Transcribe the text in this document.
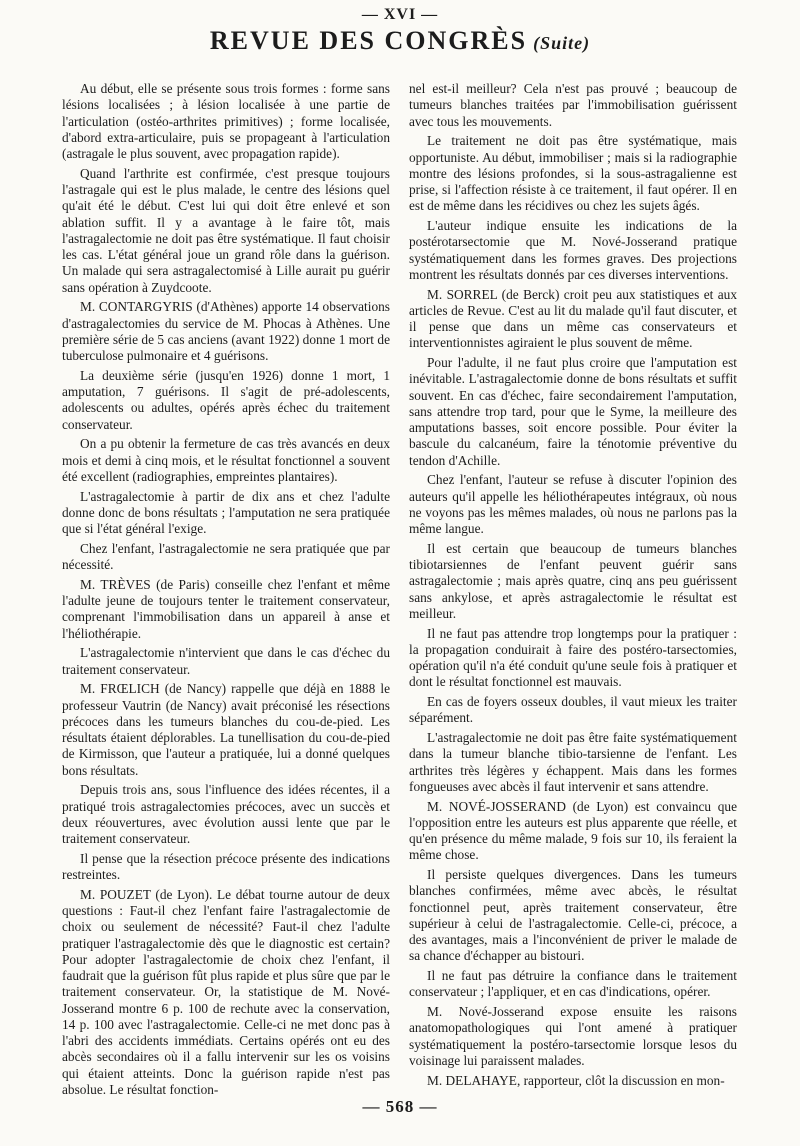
— XVI —
REVUE DES CONGRÈS (Suite)

Au début, elle se présente sous trois formes : forme sans lésions localisées ; à lésion localisée à une partie de l'articulation (ostéo-arthrites primitives) ; forme localisée, d'abord extra-articulaire, puis se propageant à l'articulation (astragale le plus souvent, avec propagation rapide).

Quand l'arthrite est confirmée, c'est presque toujours l'astragale qui est le plus malade, le centre des lésions quel qu'ait été le début. C'est lui qui doit être enlevé et son ablation suffit. Il y a avantage à le faire tôt, mais l'astragalectomie ne doit pas être systématique. Il faut choisir les cas. L'état général joue un grand rôle dans la guérison. Un malade qui sera astragalectomisé à Lille aurait pu guérir sans opération à Zuydcoote.

M. CONTARGYRIS (d'Athènes) apporte 14 observations d'astragalectomies du service de M. Phocas à Athènes. Une première série de 5 cas anciens (avant 1922) donne 1 mort de tuberculose pulmonaire et 4 guérisons.

La deuxième série (jusqu'en 1926) donne 1 mort, 1 amputation, 7 guérisons. Il s'agit de pré-adolescents, adolescents ou adultes, opérés après échec du traitement conservateur.

On a pu obtenir la fermeture de cas très avancés en deux mois et demi à cinq mois, et le résultat fonctionnel a souvent été excellent (radiographies, empreintes plantaires).

L'astragalectomie à partir de dix ans et chez l'adulte donne donc de bons résultats ; l'amputation ne sera pratiquée que si l'état général l'exige.

Chez l'enfant, l'astragalectomie ne sera pratiquée que par nécessité.

M. TRÈVES (de Paris) conseille chez l'enfant et même l'adulte jeune de toujours tenter le traitement conservateur, comprenant l'immobilisation dans un appareil à anse et l'héliothérapie.

L'astragalectomie n'intervient que dans le cas d'échec du traitement conservateur.

M. FRŒLICH (de Nancy) rappelle que déjà en 1888 le professeur Vautrin (de Nancy) avait préconisé les résections précoces dans les tumeurs blanches du cou-de-pied. Les résultats étaient déplorables. La tunellisation du cou-de-pied de Kirmisson, que l'auteur a pratiquée, lui a donné quelques bons résultats.

Depuis trois ans, sous l'influence des idées récentes, il a pratiqué trois astragalectomies précoces, avec un succès et deux réouvertures, avec évolution aussi lente que par le traitement conservateur.

Il pense que la résection précoce présente des indications restreintes.

M. POUZET (de Lyon). Le débat tourne autour de deux questions : Faut-il chez l'enfant faire l'astragalectomie de choix ou seulement de nécessité? Faut-il chez l'adulte pratiquer l'astragalectomie dès que le diagnostic est certain? Pour adopter l'astragalectomie de choix chez l'enfant, il faudrait que la guérison fût plus rapide et plus sûre que par le traitement conservateur. Or, la statistique de M. Nové-Josserand montre 6 p. 100 de rechute avec la conservation, 14 p. 100 avec l'astragalectomie. Celle-ci ne met donc pas à l'abri des accidents immédiats. Certains opérés ont eu des abcès secondaires où il a fallu intervenir sur les os voisins qui étaient atteints. Donc la guérison rapide n'est pas absolue. Le résultat fonction-

nel est-il meilleur? Cela n'est pas prouvé ; beaucoup de tumeurs blanches traitées par l'immobilisation guérissent avec tous les mouvements.

Le traitement ne doit pas être systématique, mais opportuniste. Au début, immobiliser ; mais si la radiographie montre des lésions profondes, si la sous-astragalienne est prise, si l'affection résiste à ce traitement, il faut opérer. Il en est de même dans les récidives ou chez les sujets âgés.

L'auteur indique ensuite les indications de la postérotarsectomie que M. Nové-Josserand pratique systématiquement dans les formes graves. Des projections montrent les résultats donnés par ces diverses interventions.

M. SORREL (de Berck) croit peu aux statistiques et aux articles de Revue. C'est au lit du malade qu'il faut discuter, et il pense que dans un même cas conservateurs et interventionnistes agiraient le plus souvent de même.

Pour l'adulte, il ne faut plus croire que l'amputation est inévitable. L'astragalectomie donne de bons résultats et suffit souvent. En cas d'échec, faire secondairement l'amputation, sans attendre trop tard, pour que le Syme, la meilleure des amputations basses, soit encore possible. Pour éviter la bascule du calcanéum, faire la ténotomie préventive du tendon d'Achille.

Chez l'enfant, l'auteur se refuse à discuter l'opinion des auteurs qu'il appelle les héliothérapeutes intégraux, où nous ne voyons pas les mêmes malades, où nous ne parlons pas la même langue.

Il est certain que beaucoup de tumeurs blanches tibiotarsiennes de l'enfant peuvent guérir sans astragalectomie ; mais après quatre, cinq ans peu guérissent sans ankylose, et après astragalectomie le résultat est meilleur.

Il ne faut pas attendre trop longtemps pour la pratiquer : la propagation conduirait à faire des postéro-tarsectomies, opération qu'il n'a été conduit qu'une seule fois à pratiquer et dont le résultat fonctionnel est mauvais.

En cas de foyers osseux doubles, il vaut mieux les traiter séparément.

L'astragalectomie ne doit pas être faite systématiquement dans la tumeur blanche tibio-tarsienne de l'enfant. Les arthrites très légères y échappent. Mais dans les formes fongueuses avec abcès il faut intervenir et sans attendre.

M. NOVÉ-JOSSERAND (de Lyon) est convaincu que l'opposition entre les auteurs est plus apparente que réelle, et qu'en présence du même malade, 9 fois sur 10, ils feraient la même chose.

Il persiste quelques divergences. Dans les tumeurs blanches confirmées, même avec abcès, le résultat fonctionnel peut, après traitement conservateur, être supérieur à celui de l'astragalectomie. Celle-ci, précoce, a des avantages, mais a l'inconvénient de priver le malade de sa chance d'échapper au bistouri.

Il ne faut pas détruire la confiance dans le traitement conservateur ; l'appliquer, et en cas d'indications, opérer.

M. Nové-Josserand expose ensuite les raisons anatomopathologiques qui l'ont amené à pratiquer systématiquement la postéro-tarsectomie lorsque lesos du voisinage lui paraissent malades.

M. DELAHAYE, rapporteur, clôt la discussion en mon-

— 568 —
